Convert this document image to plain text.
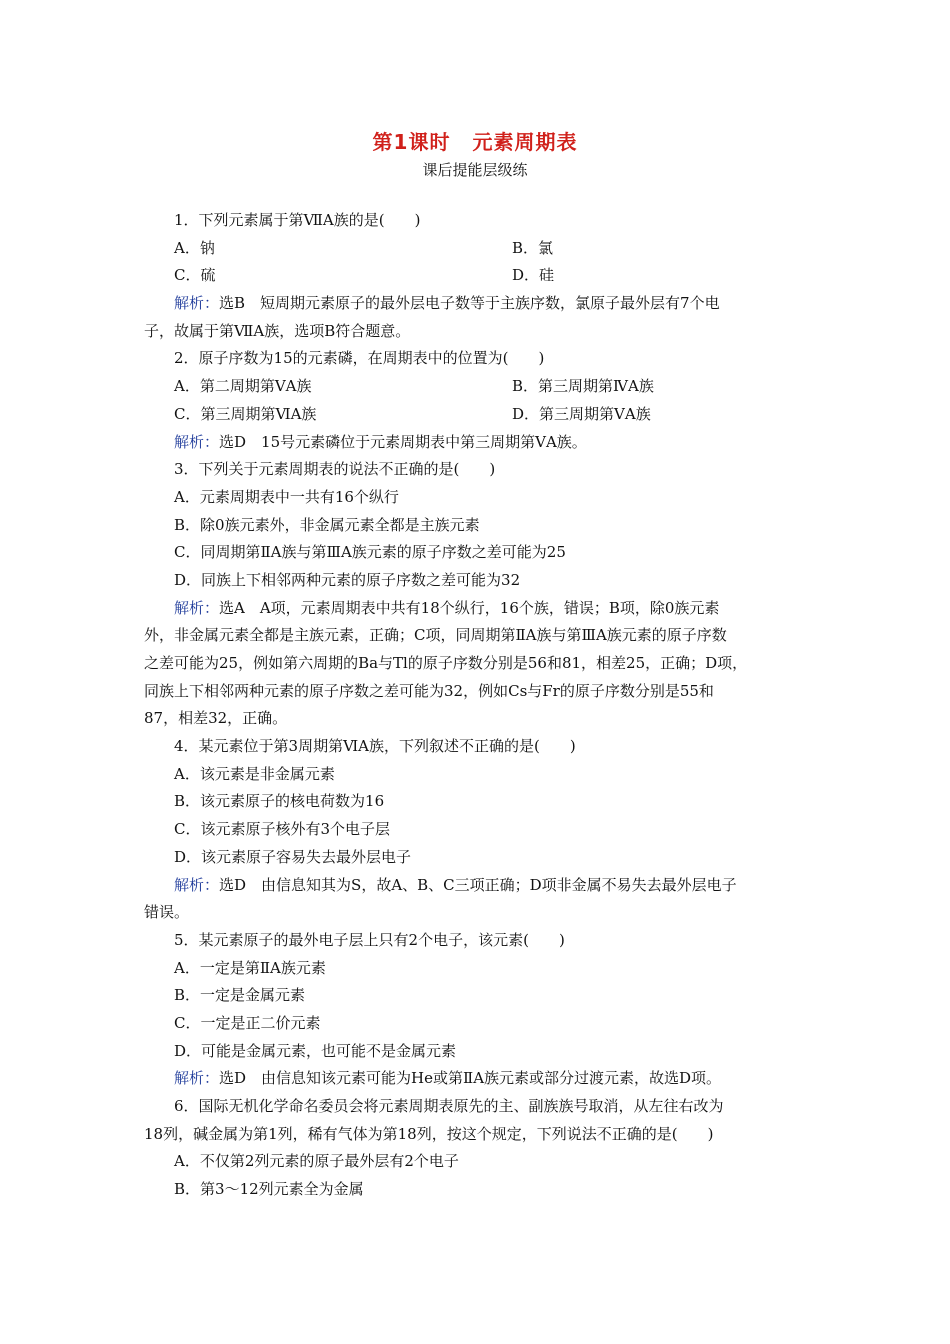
第1课时 元素周期表
课后提能层级练
1．下列元素属于第ⅦA族的是(　　)
A．钠	B．氯
C．硫	D．硅
解析：选B　短周期元素原子的最外层电子数等于主族序数，氯原子最外层有7个电
子，故属于第ⅦA族，选项B符合题意。
2．原子序数为15的元素磷，在周期表中的位置为(　　)
A．第二周期第ⅤA族	B．第三周期第ⅣA族
C．第三周期第ⅥA族	D．第三周期第ⅤA族
解析：选D　15号元素磷位于元素周期表中第三周期第ⅤA族。
3．下列关于元素周期表的说法不正确的是(　　)
A．元素周期表中一共有16个纵行
B．除0族元素外，非金属元素全都是主族元素
C．同周期第ⅡA族与第ⅢA族元素的原子序数之差可能为25
D．同族上下相邻两种元素的原子序数之差可能为32
解析：选A　A项，元素周期表中共有18个纵行，16个族，错误；B项，除0族元素
外，非金属元素全都是主族元素，正确；C项，同周期第ⅡA族与第ⅢA族元素的原子序数
之差可能为25，例如第六周期的Ba与Tl的原子序数分别是56和81，相差25，正确；D项，
同族上下相邻两种元素的原子序数之差可能为32，例如Cs与Fr的原子序数分别是55和
87，相差32，正确。
4．某元素位于第3周期第ⅥA族，下列叙述不正确的是(　　)
A．该元素是非金属元素
B．该元素原子的核电荷数为16
C．该元素原子核外有3个电子层
D．该元素原子容易失去最外层电子
解析：选D　由信息知其为S，故A、B、C三项正确；D项非金属不易失去最外层电子
错误。
5．某元素原子的最外电子层上只有2个电子，该元素(　　)
A．一定是第ⅡA族元素
B．一定是金属元素
C．一定是正二价元素
D．可能是金属元素，也可能不是金属元素
解析：选D　由信息知该元素可能为He或第ⅡA族元素或部分过渡元素，故选D项。
6．国际无机化学命名委员会将元素周期表原先的主、副族族号取消，从左往右改为
18列，碱金属为第1列，稀有气体为第18列，按这个规定，下列说法不正确的是(　　)
A．不仅第2列元素的原子最外层有2个电子
B．第3～12列元素全为金属
